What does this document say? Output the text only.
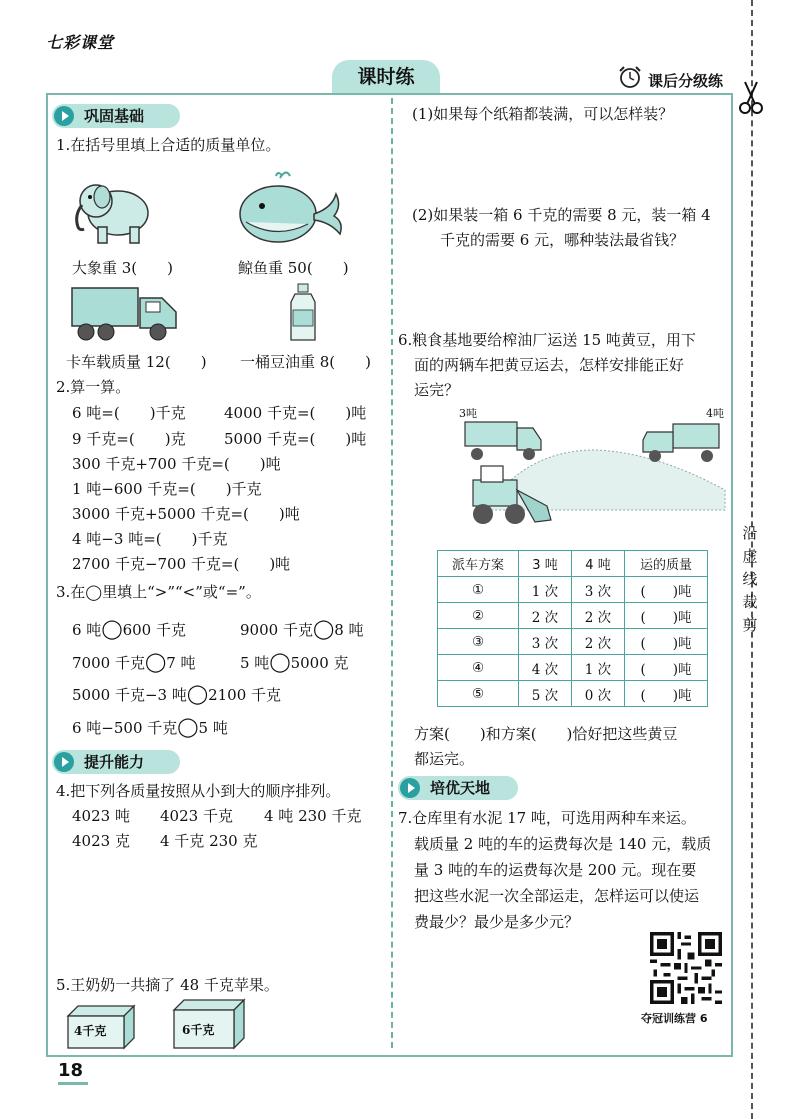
七彩课堂
课时练	课后分级练
沿
虚
线
裁
剪
18
巩固基础
1.在括号里填上合适的质量单位。
大象重 3(　　)	鲸鱼重 50(　　)
卡车载质量 12(　　) 一桶豆油重 8(　　)
2.算一算。
6 吨=(　　)千克	4000 千克=(　　)吨
9 千克=(　　)克	5000 千克=(　　)吨
300 千克+700 千克=(　　)吨
1 吨−600 千克=(　　)千克
3000 千克+5000 千克=(　　)吨
4 吨−3 吨=(　　)千克
2700 千克−700 千克=(　　)吨
3.在◯里填上“>”“<”或“=”。
6 吨◯600 千克	9000 千克◯8 吨
7000 千克◯7 吨	5 吨◯5000 克
5000 千克−3 吨◯2100 千克
6 吨−500 千克◯5 吨
提升能力
4.把下列各质量按照从小到大的顺序排列。
4023 吨 4023 千克 4 吨 230 千克
4023 克 4 千克 230 克
5.王奶奶一共摘了 48 千克苹果。
4千克	6千克
(1)如果每个纸箱都装满，可以怎样装？
(2)如果装一箱 6 千克的需要 8 元，装一箱 4
千克的需要 6 元，哪种装法最省钱？
6.粮食基地要给榨油厂运送 15 吨黄豆，用下
面的两辆车把黄豆运去，怎样安排能正好
运完？
3吨	4吨
派车方案	3 吨	4 吨	运的质量
①	1 次	3 次	(　　)吨
②	2 次	2 次	(　　)吨
③	3 次	2 次	(　　)吨
④	4 次	1 次	(　　)吨
⑤	5 次	0 次	(　　)吨
方案(　　)和方案(　　)恰好把这些黄豆
都运完。
培优天地
7.仓库里有水泥 17 吨，可选用两种车来运。
载质量 2 吨的车的运费每次是 140 元，载质
量 3 吨的车的运费每次是 200 元。现在要
把这些水泥一次全部运走，怎样运可以使运
费最少？最少是多少元？
夺冠训练营 6
